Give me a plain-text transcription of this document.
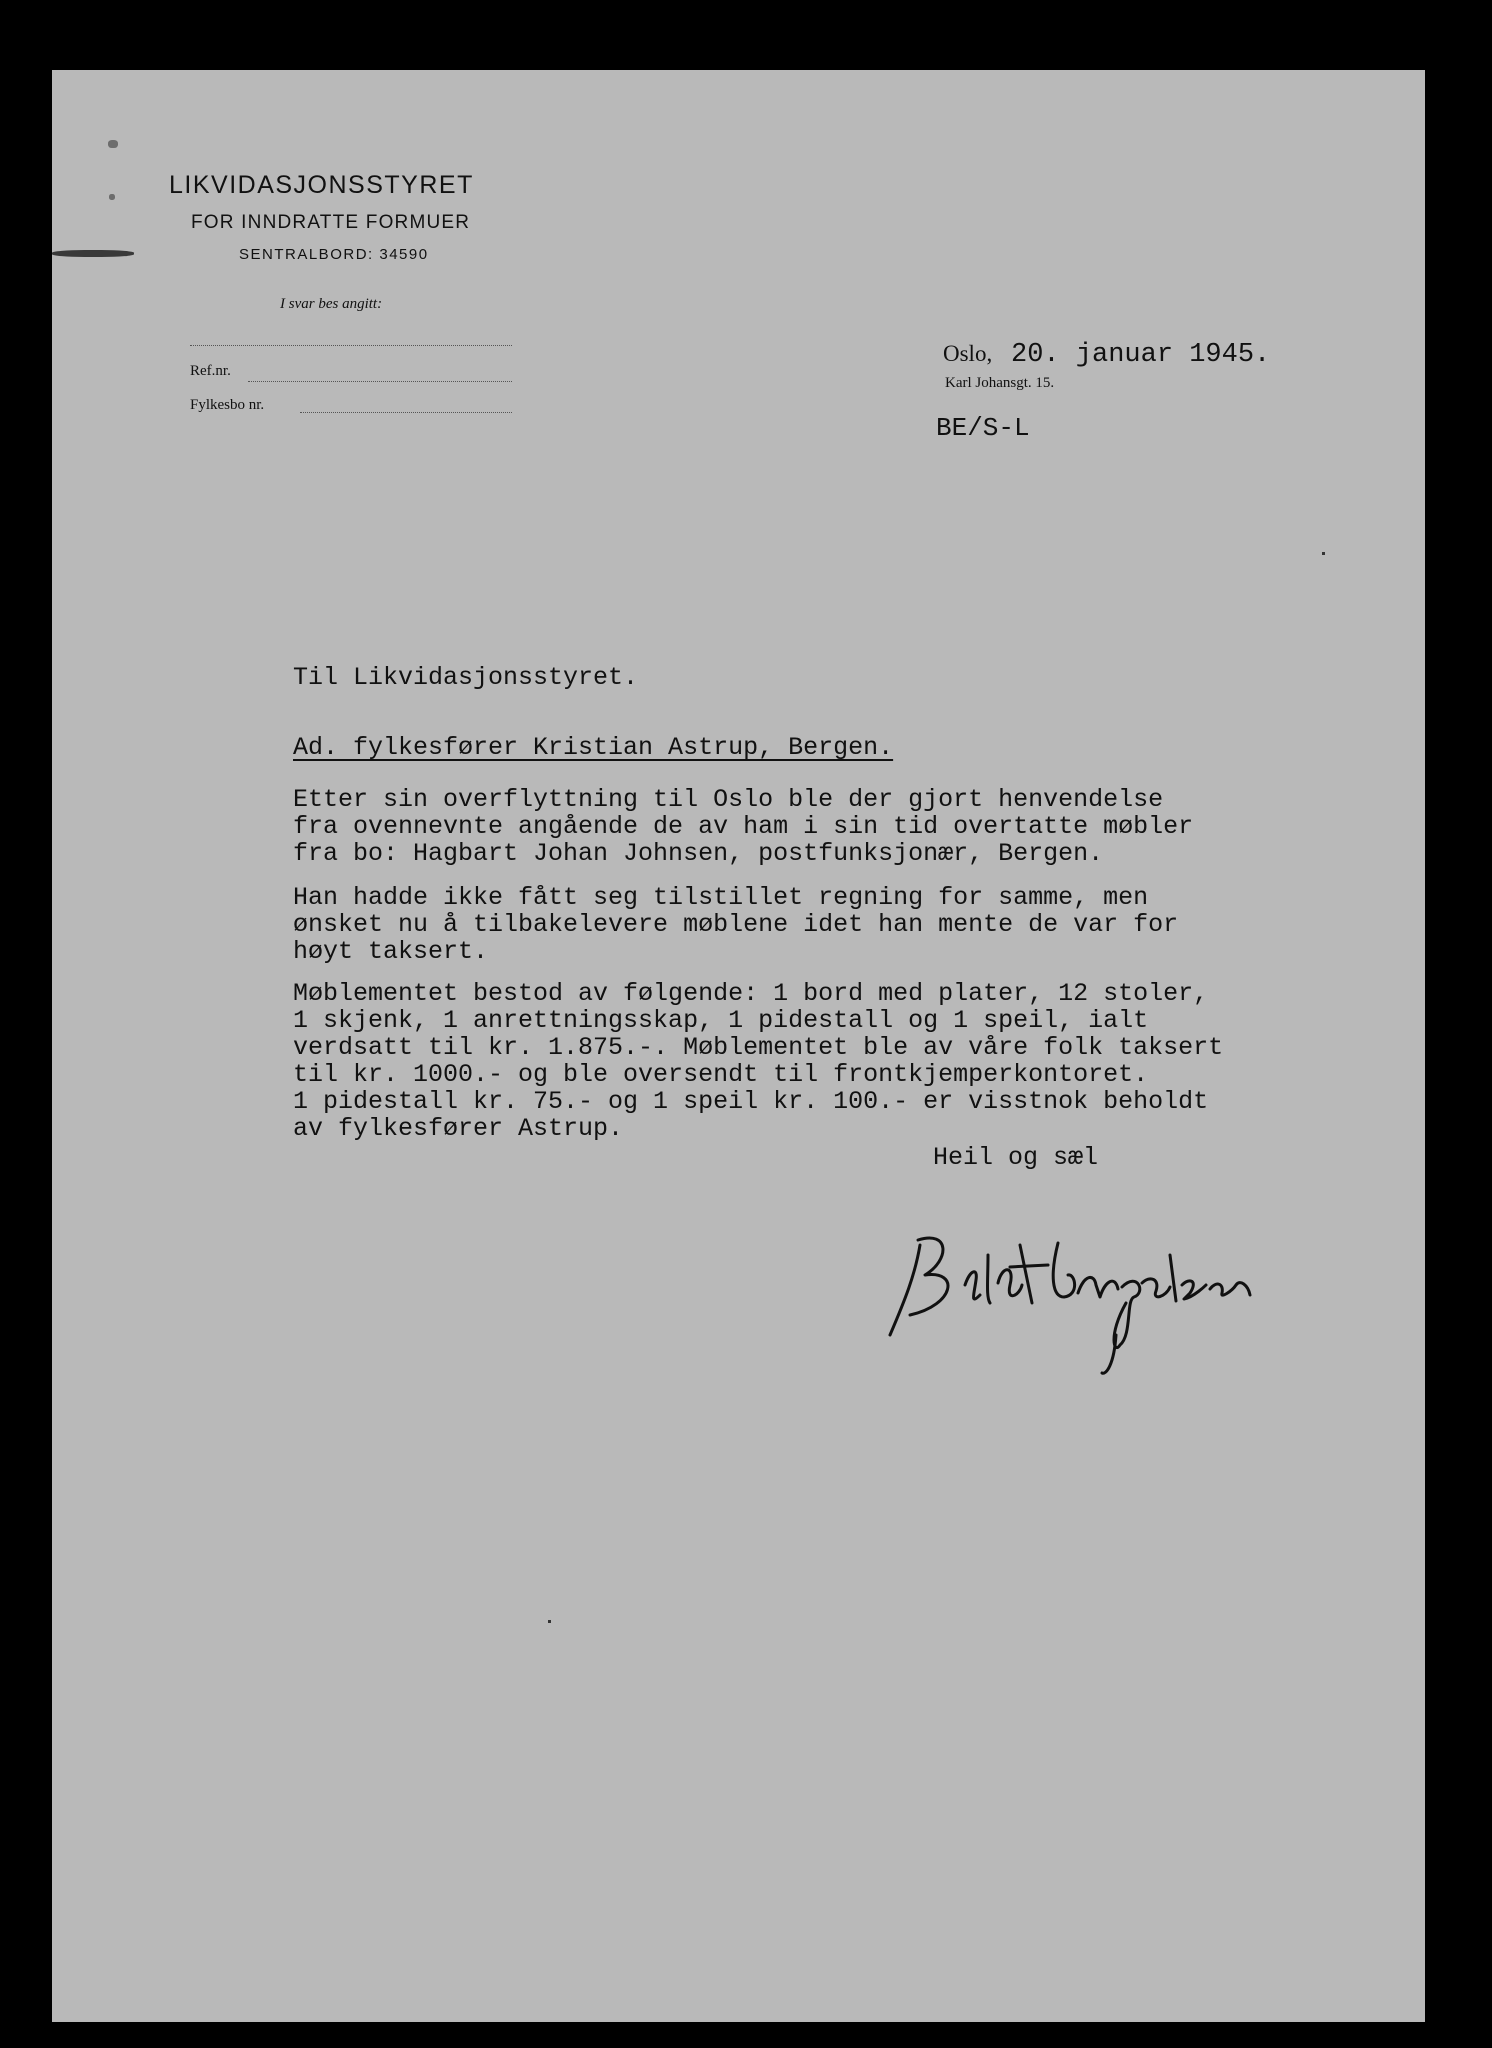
LIKVIDASJONSSTYRET
FOR INNDRATTE FORMUER
SENTRALBORD: 34590
I svar bes angitt:
Ref.nr.
Fylkesbo nr.
Oslo, 20. januar 1945.
Karl Johansgt. 15.
BE/S-L
Til Likvidasjonsstyret.
Ad. fylkesfører Kristian Astrup, Bergen.
Etter sin overflyttning til Oslo ble der gjort henvendelse
fra ovennevnte angående de av ham i sin tid overtatte møbler
fra bo: Hagbart Johan Johnsen, postfunksjonær, Bergen.
Han hadde ikke fått seg tilstillet regning for samme, men
ønsket nu å tilbakelevere møblene idet han mente de var for
høyt taksert.
Møblementet bestod av følgende: 1 bord med plater, 12 stoler,
1 skjenk, 1 anrettningsskap, 1 pidestall og 1 speil, ialt
verdsatt til kr. 1.875.-. Møblementet ble av våre folk taksert
til kr. 1000.- og ble oversendt til frontkjemperkontoret.
1 pidestall kr. 75.- og 1 speil kr. 100.- er visstnok beholdt
av fylkesfører Astrup.
Heil og sæl
